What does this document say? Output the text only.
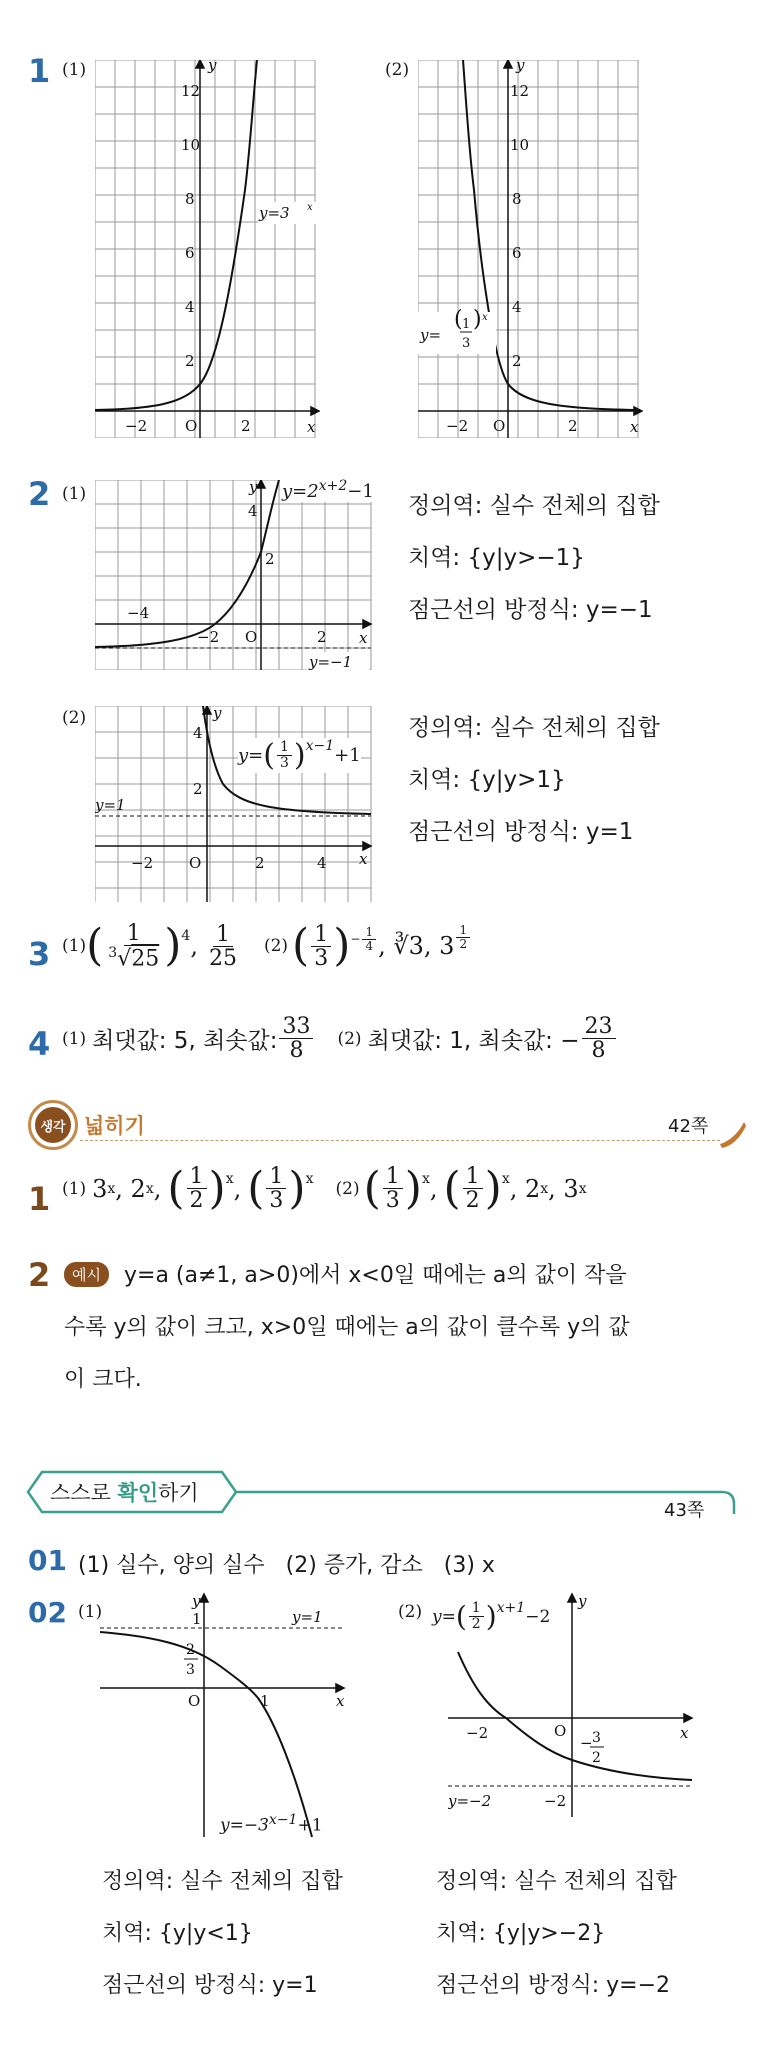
1 (1)	y
x
O
12
10
8
6
4
2
−2	2
y=3 x
(2)	y
x
O
12
10
8
6
4
2
−2	2
y=
( 1
3
) x
2 (1)	y
x
O
4
2
−4
−2	2
y=−1
$y=2^{x+2}-1$
정의역: 실수 전체의 집합
치역: {y|y>−1}
점근선의 방정식: y=−1
(2)	y
x
O
4
2
−2	2	4
y=1
y= ( $\frac{1}{3} )^{x-1} +1$
정의역: 실수 전체의 집합
치역: {y|y>1}
점근선의 방정식: y=1
3 (1) ( $\frac{1}{^3√25} )^4$ , $\frac{1}{25} (2)$ ( $\frac{1}{3}$ ) − $\frac{1}{4}$ , ∛3, $3 \frac{1}{2}$
4 (1) 최댓값: 5, 최솟값: $\frac{33}{8} (2)$ 최댓값: 1, 최솟값: − $\frac{23}{8}$
생각 넓히기	42쪽
1 (1) 3 x , 2 x , ( $\frac{1}{2} )^x$ , ( $\frac{1}{3} )^x$ (2) ( $\frac{1}{3} )^x$ , ( $\frac{1}{2} )^x$ , 2 x , 3 x
2	예시	y=a (a≠1, a>0)에서 x<0일 때에는 a의 값이 작을
수록 y의 값이 크고, x>0일 때에는 a의 값이 클수록 y의 값
이 크다.
스스로 확인하기
43쪽
01 (1) 실수, 양의 실수   (2) 증가, 감소   (3) x
02 (1)
y
x
O
1
2
3
1
y=1
$y=-3^{x-1}+1$
정의역: 실수 전체의 집합
치역: {y|y<1}
점근선의 방정식: y=1
(2) y= ( $\frac{1}{2} )^{x+1} -2$
y
x
O
−2
− 3
2
y=−2	−2
정의역: 실수 전체의 집합
치역: {y|y>−2}
점근선의 방정식: y=−2
